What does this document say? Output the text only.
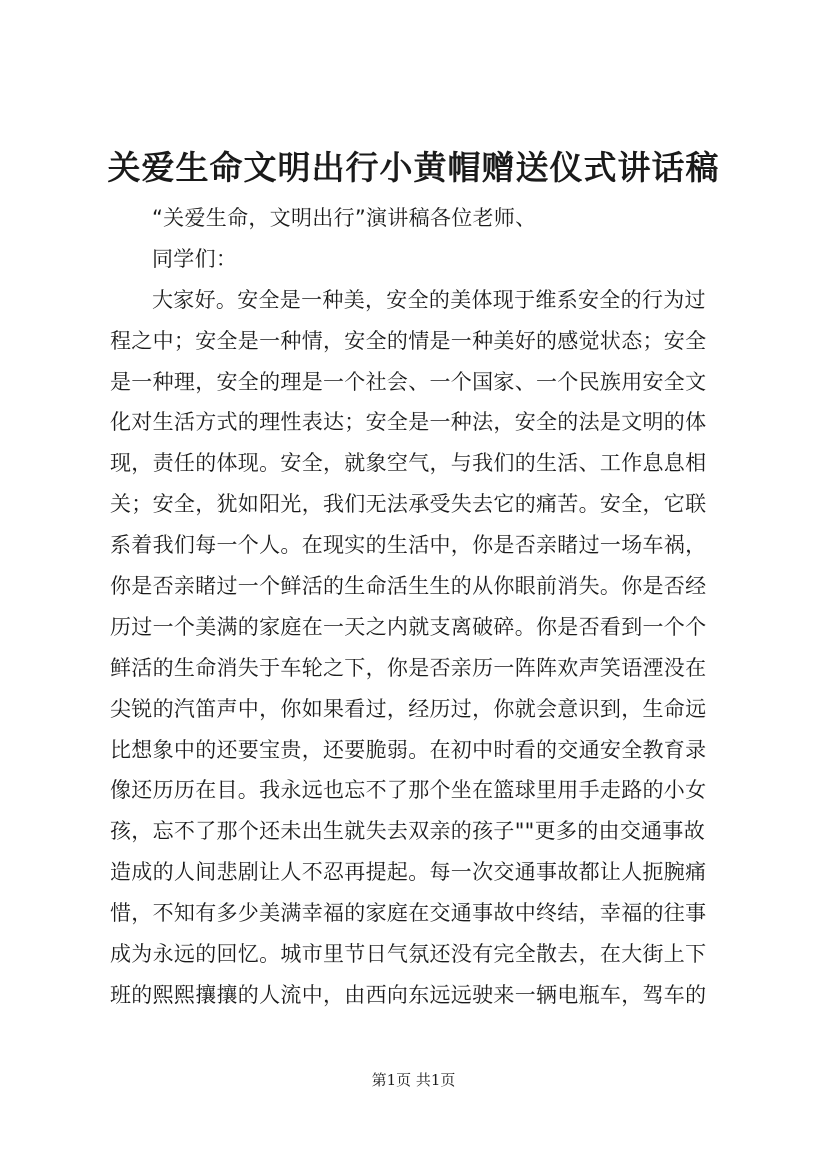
关爱生命文明出行小黄帽赠送仪式讲话稿
“关爱生命，文明出行”演讲稿各位老师、
同学们：
大家好。安全是一种美，安全的美体现于维系安全的行为过
程之中；安全是一种情，安全的情是一种美好的感觉状态；安全
是一种理，安全的理是一个社会、一个国家、一个民族用安全文
化对生活方式的理性表达；安全是一种法，安全的法是文明的体
现，责任的体现。安全，就象空气，与我们的生活、工作息息相
关；安全，犹如阳光，我们无法承受失去它的痛苦。安全，它联
系着我们每一个人。在现实的生活中，你是否亲睹过一场车祸，
你是否亲睹过一个鲜活的生命活生生的从你眼前消失。你是否经
历过一个美满的家庭在一天之内就支离破碎。你是否看到一个个
鲜活的生命消失于车轮之下，你是否亲历一阵阵欢声笑语湮没在
尖锐的汽笛声中，你如果看过，经历过，你就会意识到，生命远
比想象中的还要宝贵，还要脆弱。在初中时看的交通安全教育录
像还历历在目。我永远也忘不了那个坐在篮球里用手走路的小女
孩，忘不了那个还未出生就失去双亲的孩子""更多的由交通事故
造成的人间悲剧让人不忍再提起。每一次交通事故都让人扼腕痛
惜，不知有多少美满幸福的家庭在交通事故中终结，幸福的往事
成为永远的回忆。城市里节日气氛还没有完全散去，在大街上下
班的熙熙攘攘的人流中，由西向东远远驶来一辆电瓶车，驾车的
第1页 共1页
